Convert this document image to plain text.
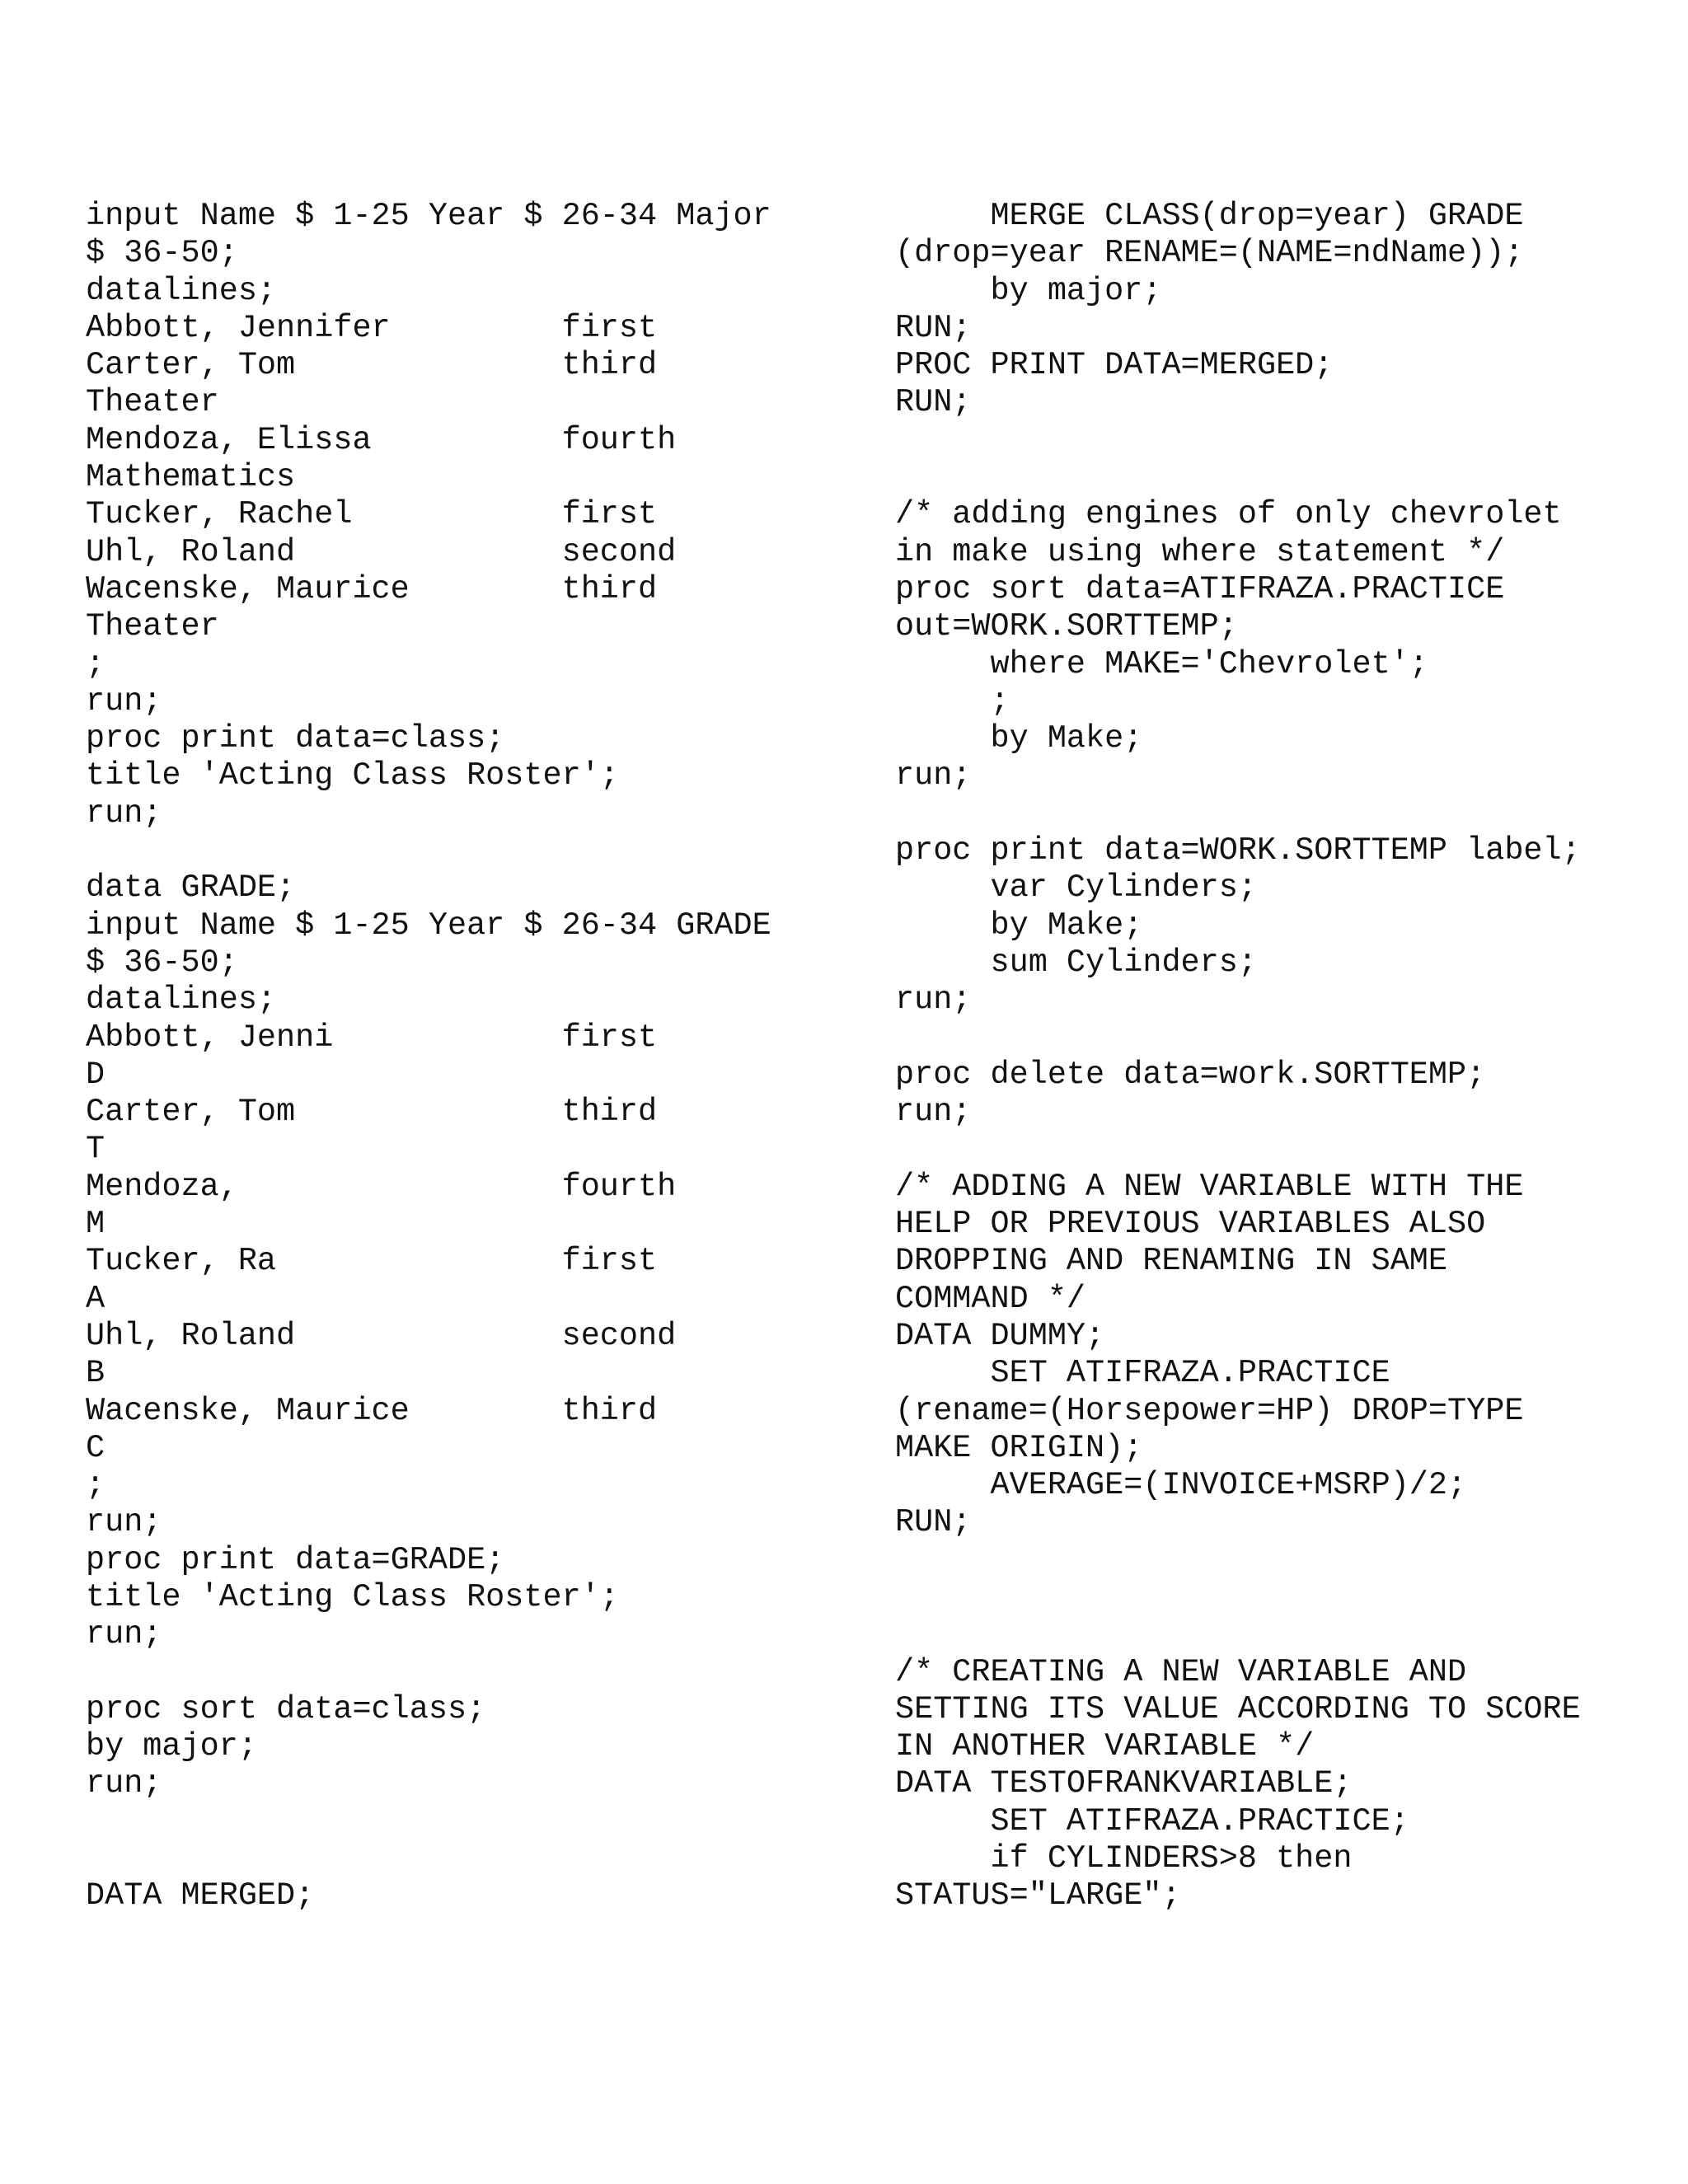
input Name $ 1-25 Year $ 26-34 Major
$ 36-50;
datalines;
Abbott, Jennifer         first
Carter, Tom              third
Theater
Mendoza, Elissa          fourth
Mathematics
Tucker, Rachel           first
Uhl, Roland              second
Wacenske, Maurice        third
Theater
;
run;
proc print data=class;
title 'Acting Class Roster';
run;
data GRADE;
input Name $ 1-25 Year $ 26-34 GRADE
$ 36-50;
datalines;
Abbott, Jenni            first
D
Carter, Tom              third
T
Mendoza,                 fourth
M
Tucker, Ra               first
A
Uhl, Roland              second
B
Wacenske, Maurice        third
C
;
run;
proc print data=GRADE;
title 'Acting Class Roster';
run;
proc sort data=class;
by major;
run;
DATA MERGED;
MERGE CLASS(drop=year) GRADE
(drop=year RENAME=(NAME=ndName));
by major;
RUN;
PROC PRINT DATA=MERGED;
RUN;
/* adding engines of only chevrolet
in make using where statement */
proc sort data=ATIFRAZA.PRACTICE
out=WORK.SORTTEMP;
where MAKE='Chevrolet';
;
by Make;
run;
proc print data=WORK.SORTTEMP label;
var Cylinders;
by Make;
sum Cylinders;
run;
proc delete data=work.SORTTEMP;
run;
/* ADDING A NEW VARIABLE WITH THE
HELP OR PREVIOUS VARIABLES ALSO
DROPPING AND RENAMING IN SAME
COMMAND */
DATA DUMMY;
SET ATIFRAZA.PRACTICE
(rename=(Horsepower=HP) DROP=TYPE
MAKE ORIGIN);
AVERAGE=(INVOICE+MSRP)/2;
RUN;
/* CREATING A NEW VARIABLE AND
SETTING ITS VALUE ACCORDING TO SCORE
IN ANOTHER VARIABLE */
DATA TESTOFRANKVARIABLE;
SET ATIFRAZA.PRACTICE;
if CYLINDERS>8 then
STATUS="LARGE";
